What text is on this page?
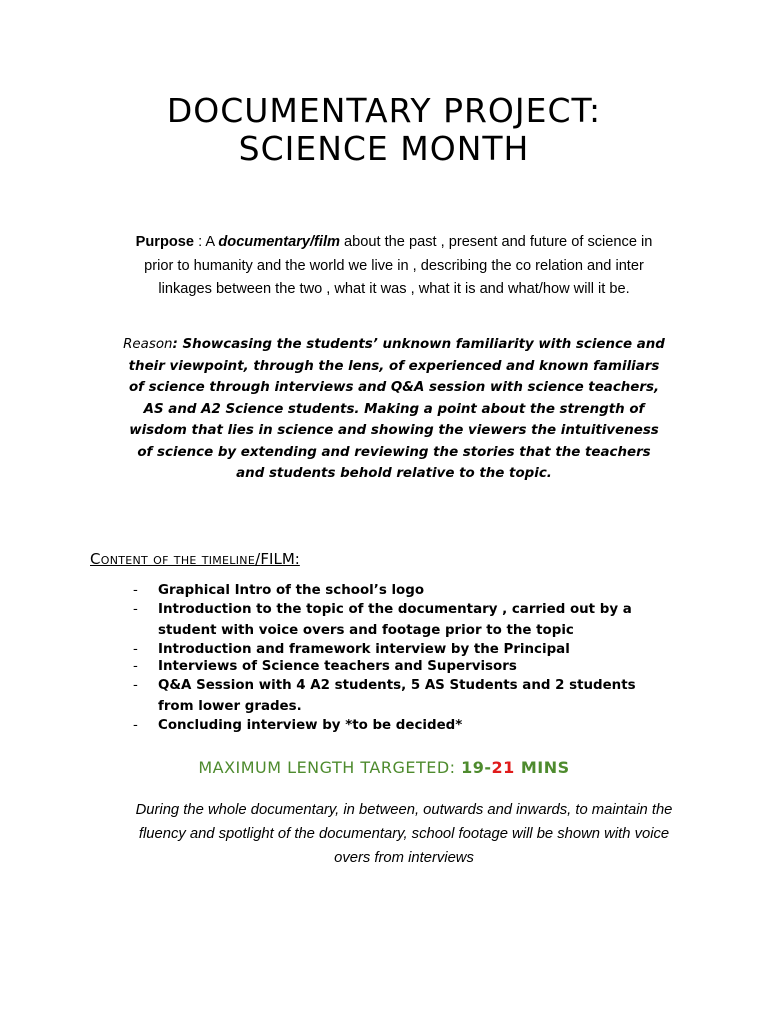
DOCUMENTARY PROJECT:
SCIENCE MONTH

Purpose : A documentary/film about the past , present and future of science in prior to humanity and the world we live in , describing the co relation and inter linkages between the two , what it was , what it is and what/how will it be.

Reason: Showcasing the students’ unknown familiarity with science and their viewpoint, through the lens, of experienced and known familiars of science through interviews and Q&A session with science teachers, AS and A2 Science students. Making a point about the strength of wisdom that lies in science and showing the viewers the intuitiveness of science by extending and reviewing the stories that the teachers and students behold relative to the topic.

Content of the timeline/FILM:
- Graphical Intro of the school’s logo
- Introduction to the topic of the documentary , carried out by a student with voice overs and footage prior to the topic
- Introduction and framework interview by the Principal
- Interviews of Science teachers and Supervisors
- Q&A Session with 4 A2 students, 5 AS Students and 2 students from lower grades.
- Concluding interview by *to be decided*

MAXIMUM LENGTH TARGETED: 19-21 MINS

During the whole documentary, in between, outwards and inwards, to maintain the fluency and spotlight of the documentary, school footage will be shown with voice overs from interviews
